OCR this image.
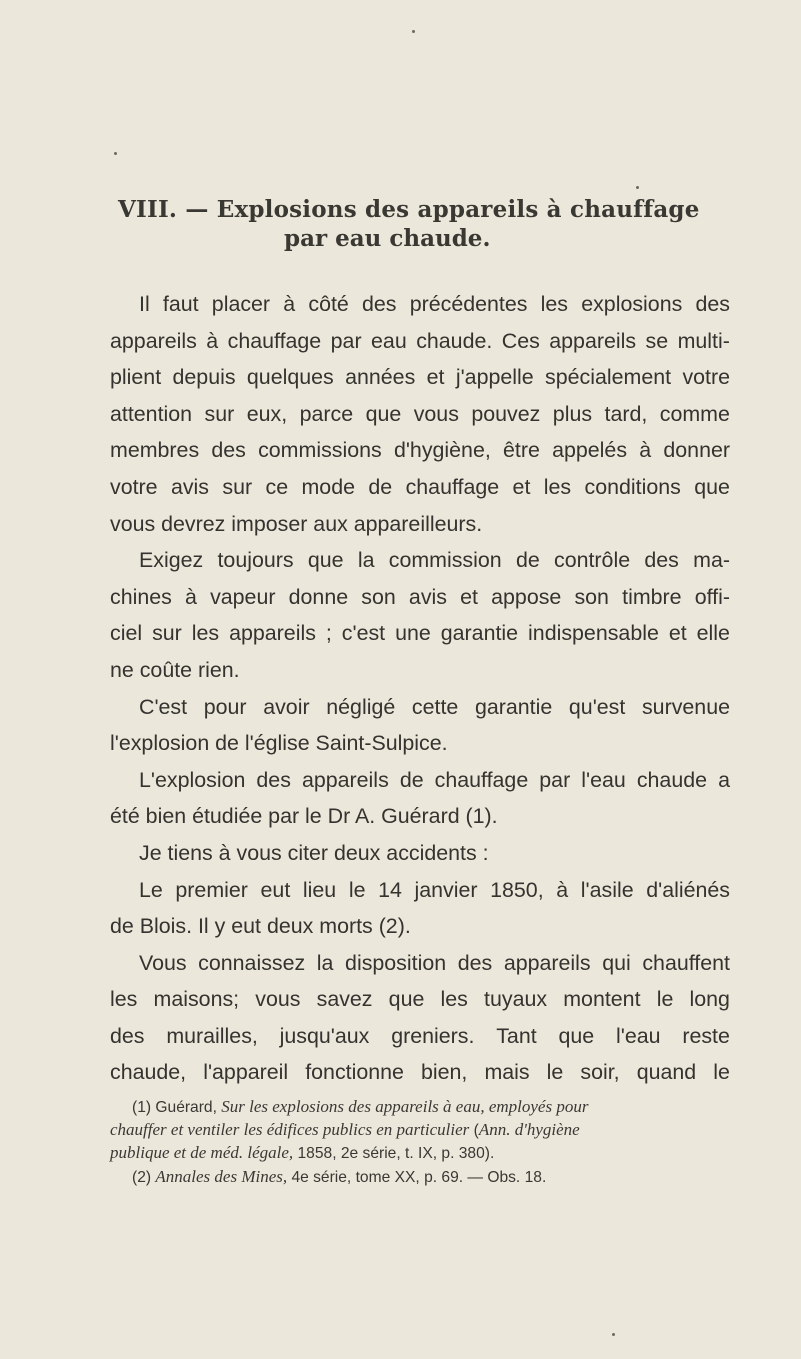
VIII. — Explosions des appareils à chauffage
par eau chaude.
Il faut placer à côté des précédentes les explosions des
appareils à chauffage par eau chaude. Ces appareils se multi-
plient depuis quelques années et j'appelle spécialement votre
attention sur eux, parce que vous pouvez plus tard, comme
membres des commissions d'hygiène, être appelés à donner
votre avis sur ce mode de chauffage et les conditions que
vous devrez imposer aux appareilleurs.
Exigez toujours que la commission de contrôle des ma-
chines à vapeur donne son avis et appose son timbre offi-
ciel sur les appareils ; c'est une garantie indispensable et elle
ne coûte rien.
C'est pour avoir négligé cette garantie qu'est survenue
l'explosion de l'église Saint-Sulpice.
L'explosion des appareils de chauffage par l'eau chaude a
été bien étudiée par le Dr A. Guérard (1).
Je tiens à vous citer deux accidents :
Le premier eut lieu le 14 janvier 1850, à l'asile d'aliénés
de Blois. Il y eut deux morts (2).
Vous connaissez la disposition des appareils qui chauffent
les maisons; vous savez que les tuyaux montent le long
des murailles, jusqu'aux greniers. Tant que l'eau reste
chaude, l'appareil fonctionne bien, mais le soir, quand le
(1) Guérard, Sur les explosions des appareils à eau, employés pour
chauffer et ventiler les édifices publics en particulier (Ann. d'hygiène
publique et de méd. légale, 1858, 2e série, t. IX, p. 380).
(2) Annales des Mines, 4e série, tome XX, p. 69. — Obs. 18.
